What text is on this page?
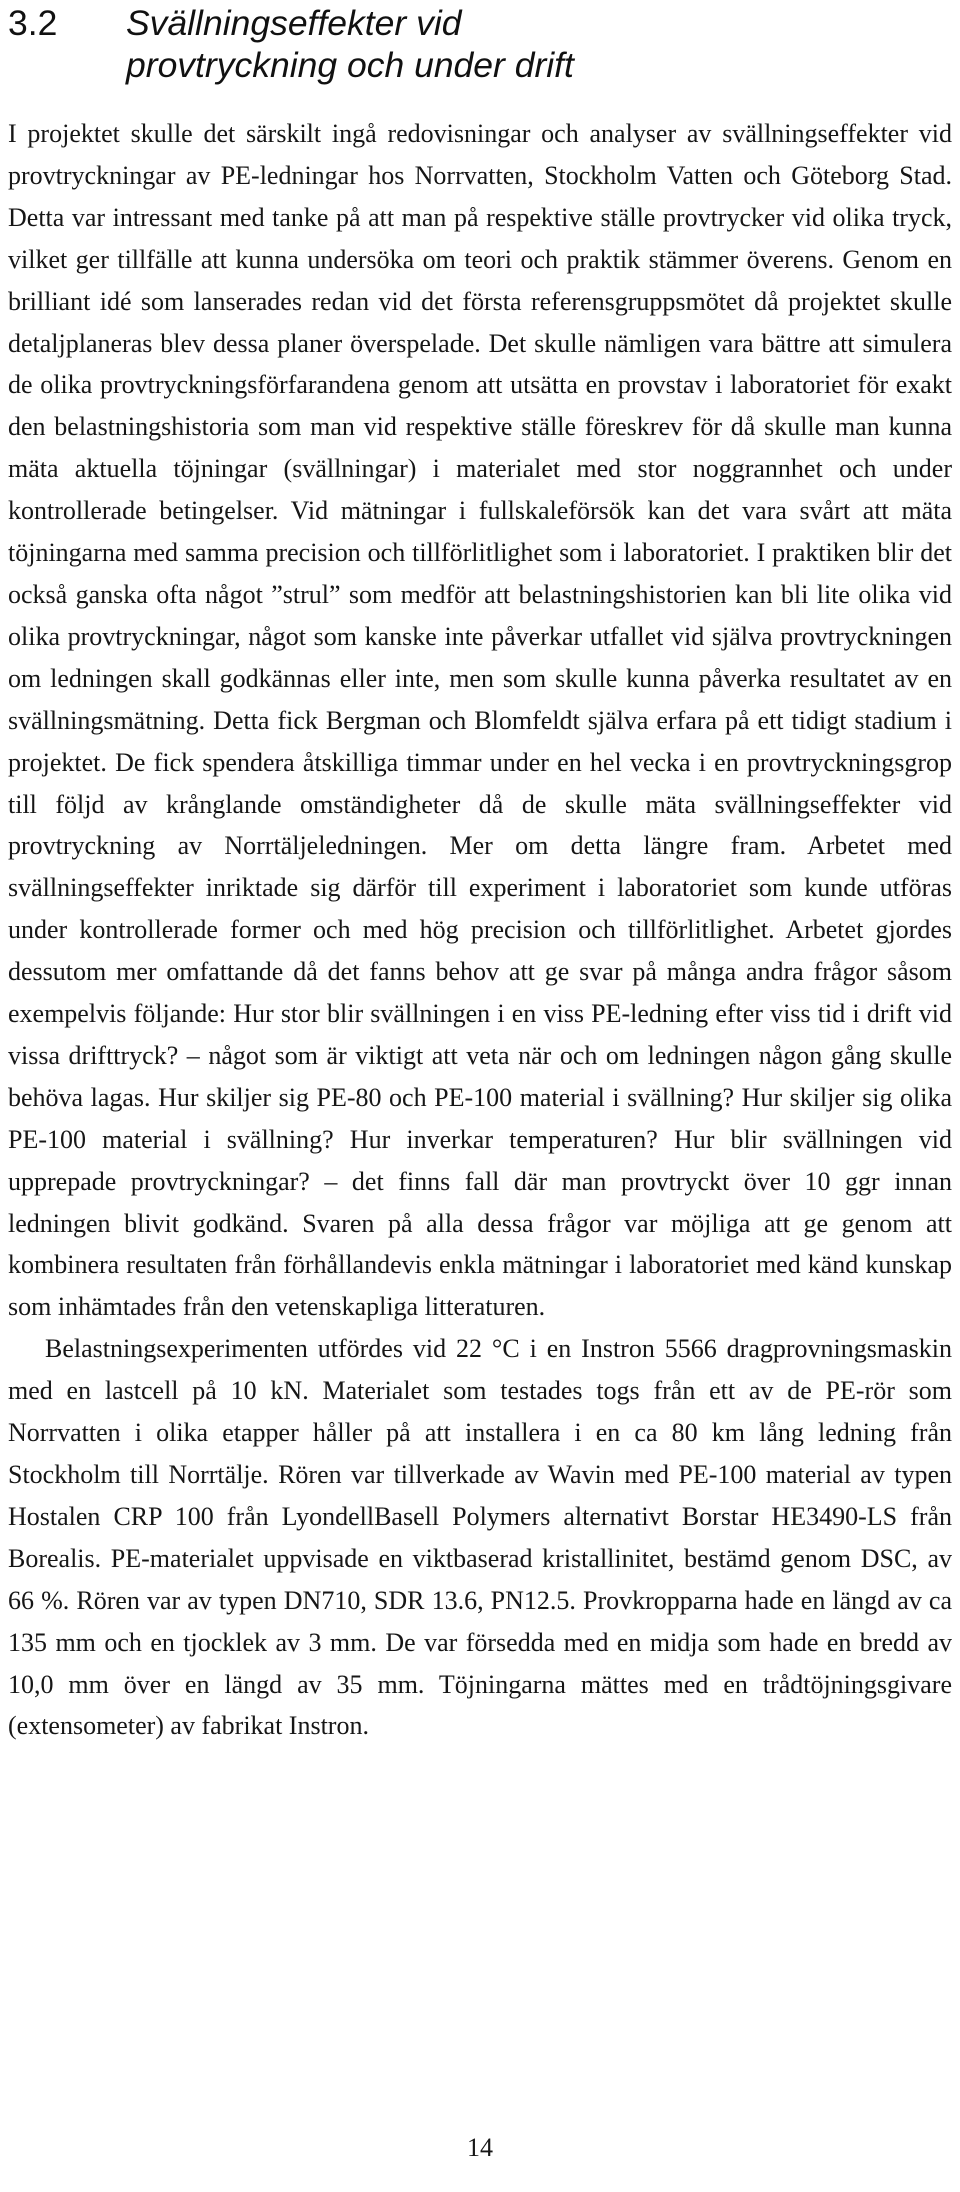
3.2	Svällningseffekter vid
provtryckning och under drift

I projektet skulle det särskilt ingå redovisningar och analyser av svällningseffekter vid provtryckningar av PE-ledningar hos Norrvatten, Stockholm Vatten och Göteborg Stad. Detta var intressant med tanke på att man på respektive ställe provtrycker vid olika tryck, vilket ger tillfälle att kunna undersöka om teori och praktik stämmer överens. Genom en brilliant idé som lanserades redan vid det första referensgruppsmötet då projektet skulle detaljplaneras blev dessa planer överspelade. Det skulle nämligen vara bättre att simulera de olika provtryckningsförfarandena genom att utsätta en provstav i laboratoriet för exakt den belastningshistoria som man vid respektive ställe föreskrev för då skulle man kunna mäta aktuella töjningar (svällningar) i materialet med stor noggrannhet och under kontrollerade betingelser. Vid mätningar i fullskaleförsök kan det vara svårt att mäta töjningarna med samma precision och tillförlitlighet som i laboratoriet. I praktiken blir det också ganska ofta något ”strul” som medför att belastningshistorien kan bli lite olika vid olika provtryckningar, något som kanske inte påverkar utfallet vid själva provtryckningen om ledningen skall godkännas eller inte, men som skulle kunna påverka resultatet av en svällningsmätning. Detta fick Bergman och Blomfeldt själva erfara på ett tidigt stadium i projektet. De fick spendera åtskilliga timmar under en hel vecka i en provtryckningsgrop till följd av krånglande omständigheter då de skulle mäta svällningseffekter vid provtryckning av Norrtäljeledningen. Mer om detta längre fram. Arbetet med svällningseffekter inriktade sig därför till experiment i laboratoriet som kunde utföras under kontrollerade former och med hög precision och tillförlitlighet. Arbetet gjordes dessutom mer omfattande då det fanns behov att ge svar på många andra frågor såsom exempelvis följande: Hur stor blir svällningen i en viss PE-ledning efter viss tid i drift vid vissa drifttryck? – något som är viktigt att veta när och om ledningen någon gång skulle behöva lagas. Hur skiljer sig PE-80 och PE-100 material i svällning? Hur skiljer sig olika PE-100 material i svällning? Hur inverkar temperaturen? Hur blir svällningen vid upprepade provtryckningar? – det finns fall där man provtryckt över 10 ggr innan ledningen blivit godkänd. Svaren på alla dessa frågor var möjliga att ge genom att kombinera resultaten från förhållandevis enkla mätningar i laboratoriet med känd kunskap som inhämtades från den vetenskapliga litteraturen.

Belastningsexperimenten utfördes vid 22 °C i en Instron 5566 dragprovningsmaskin med en lastcell på 10 kN. Materialet som testades togs från ett av de PE-rör som Norrvatten i olika etapper håller på att installera i en ca 80 km lång ledning från Stockholm till Norrtälje. Rören var tillverkade av Wavin med PE-100 material av typen Hostalen CRP 100 från LyondellBasell Polymers alternativt Borstar HE3490-LS från Borealis. PE-materialet uppvisade en viktbaserad kristallinitet, bestämd genom DSC, av 66 %. Rören var av typen DN710, SDR 13.6, PN12.5. Provkropparna hade en längd av ca 135 mm och en tjocklek av 3 mm. De var försedda med en midja som hade en bredd av 10,0 mm över en längd av 35 mm. Töjningarna mättes med en trådtöjningsgivare (extensometer) av fabrikat Instron.

14
